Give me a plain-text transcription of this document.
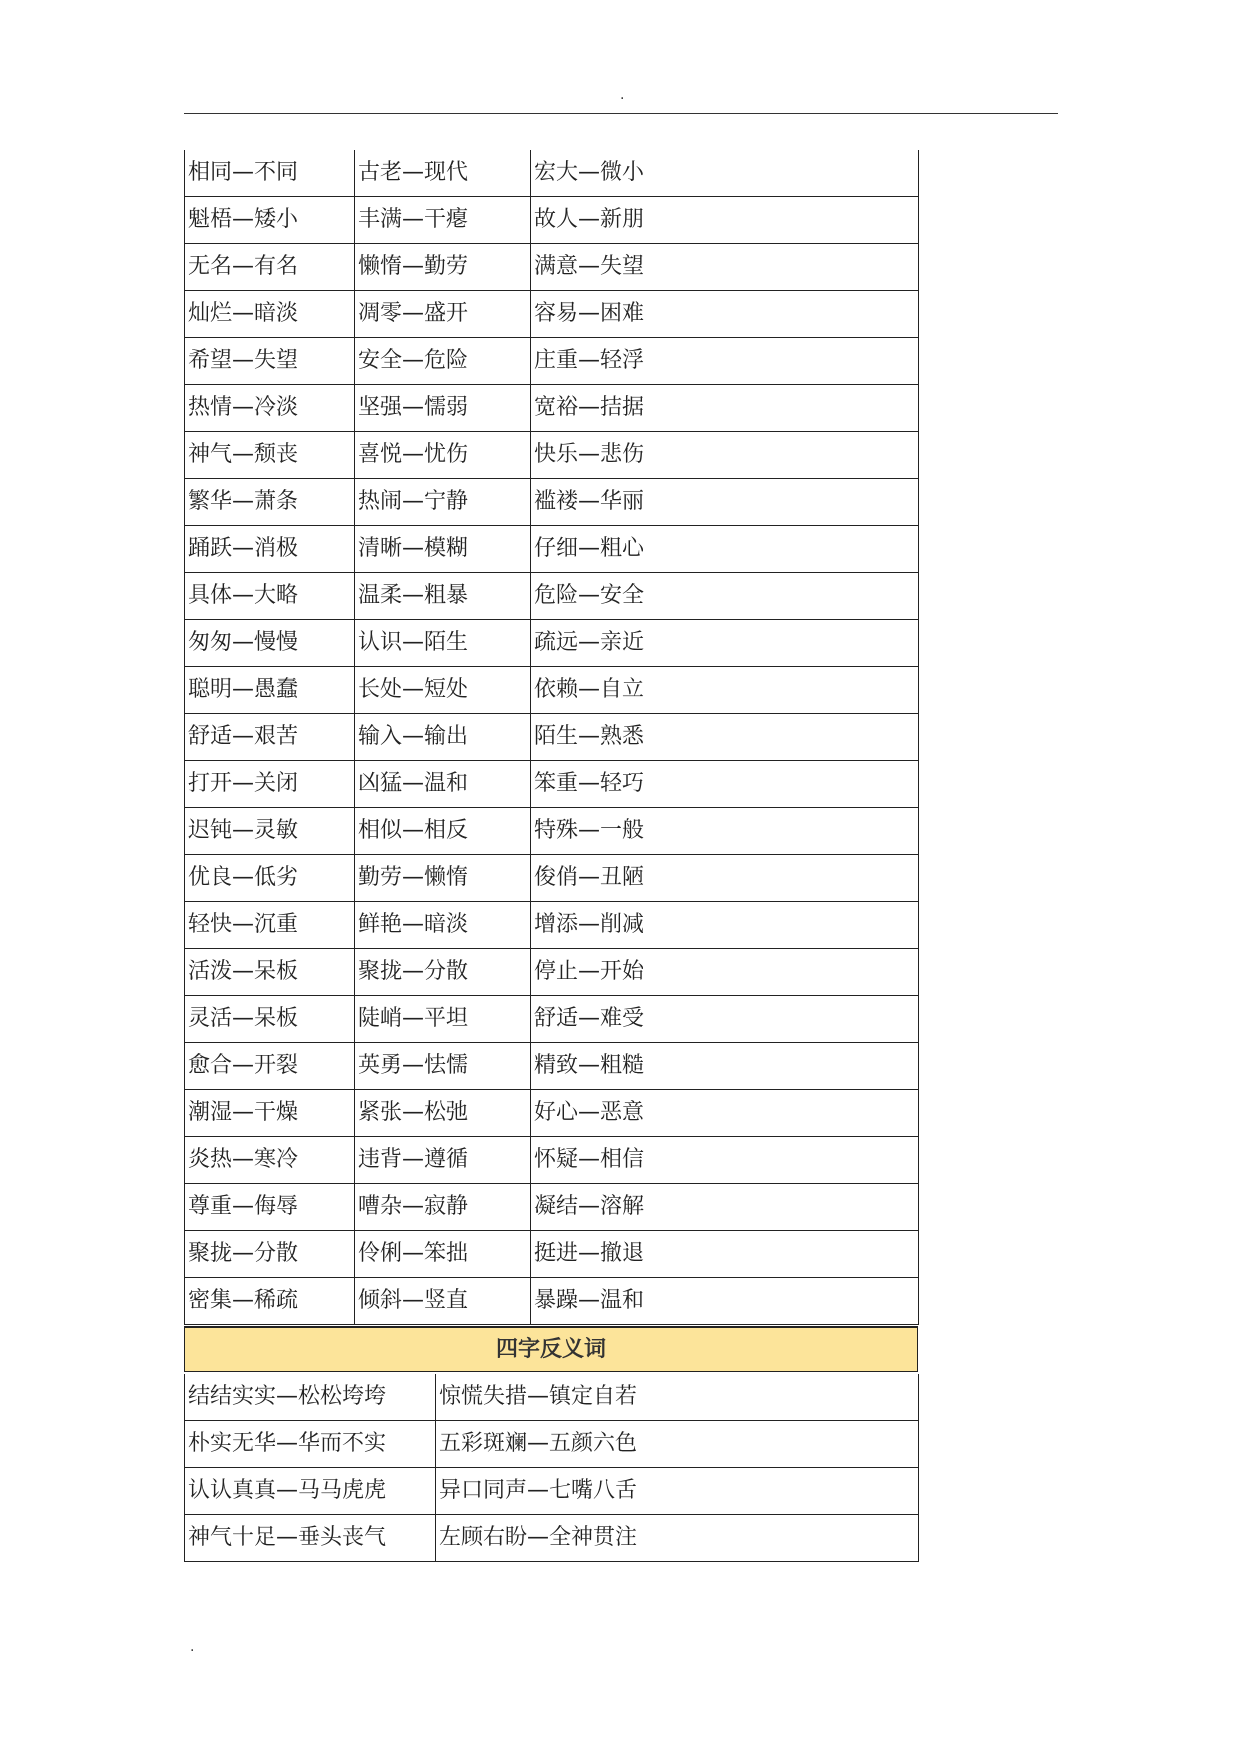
.
相同—不同	古老—现代	宏大—微小
魁梧—矮小	丰满—干瘪	故人—新朋
无名—有名	懒惰—勤劳	满意—失望
灿烂—暗淡	凋零—盛开	容易—困难
希望—失望	安全—危险	庄重—轻浮
热情—冷淡	坚强—懦弱	宽裕—拮据
神气—颓丧	喜悦—忧伤	快乐—悲伤
繁华—萧条	热闹—宁静	褴褛—华丽
踊跃—消极	清晰—模糊	仔细—粗心
具体—大略	温柔—粗暴	危险—安全
匆匆—慢慢	认识—陌生	疏远—亲近
聪明—愚蠢	长处—短处	依赖—自立
舒适—艰苦	输入—输出	陌生—熟悉
打开—关闭	凶猛—温和	笨重—轻巧
迟钝—灵敏	相似—相反	特殊—一般
优良—低劣	勤劳—懒惰	俊俏—丑陋
轻快—沉重	鲜艳—暗淡	增添—削减
活泼—呆板	聚拢—分散	停止—开始
灵活—呆板	陡峭—平坦	舒适—难受
愈合—开裂	英勇—怯懦	精致—粗糙
潮湿—干燥	紧张—松弛	好心—恶意
炎热—寒冷	违背—遵循	怀疑—相信
尊重—侮辱	嘈杂—寂静	凝结—溶解
聚拢—分散	伶俐—笨拙	挺进—撤退
密集—稀疏	倾斜—竖直	暴躁—温和
四字反义词
结结实实—松松垮垮	惊慌失措—镇定自若
朴实无华—华而不实	五彩斑斓—五颜六色
认认真真—马马虎虎	异口同声—七嘴八舌
神气十足—垂头丧气	左顾右盼—全神贯注
.
